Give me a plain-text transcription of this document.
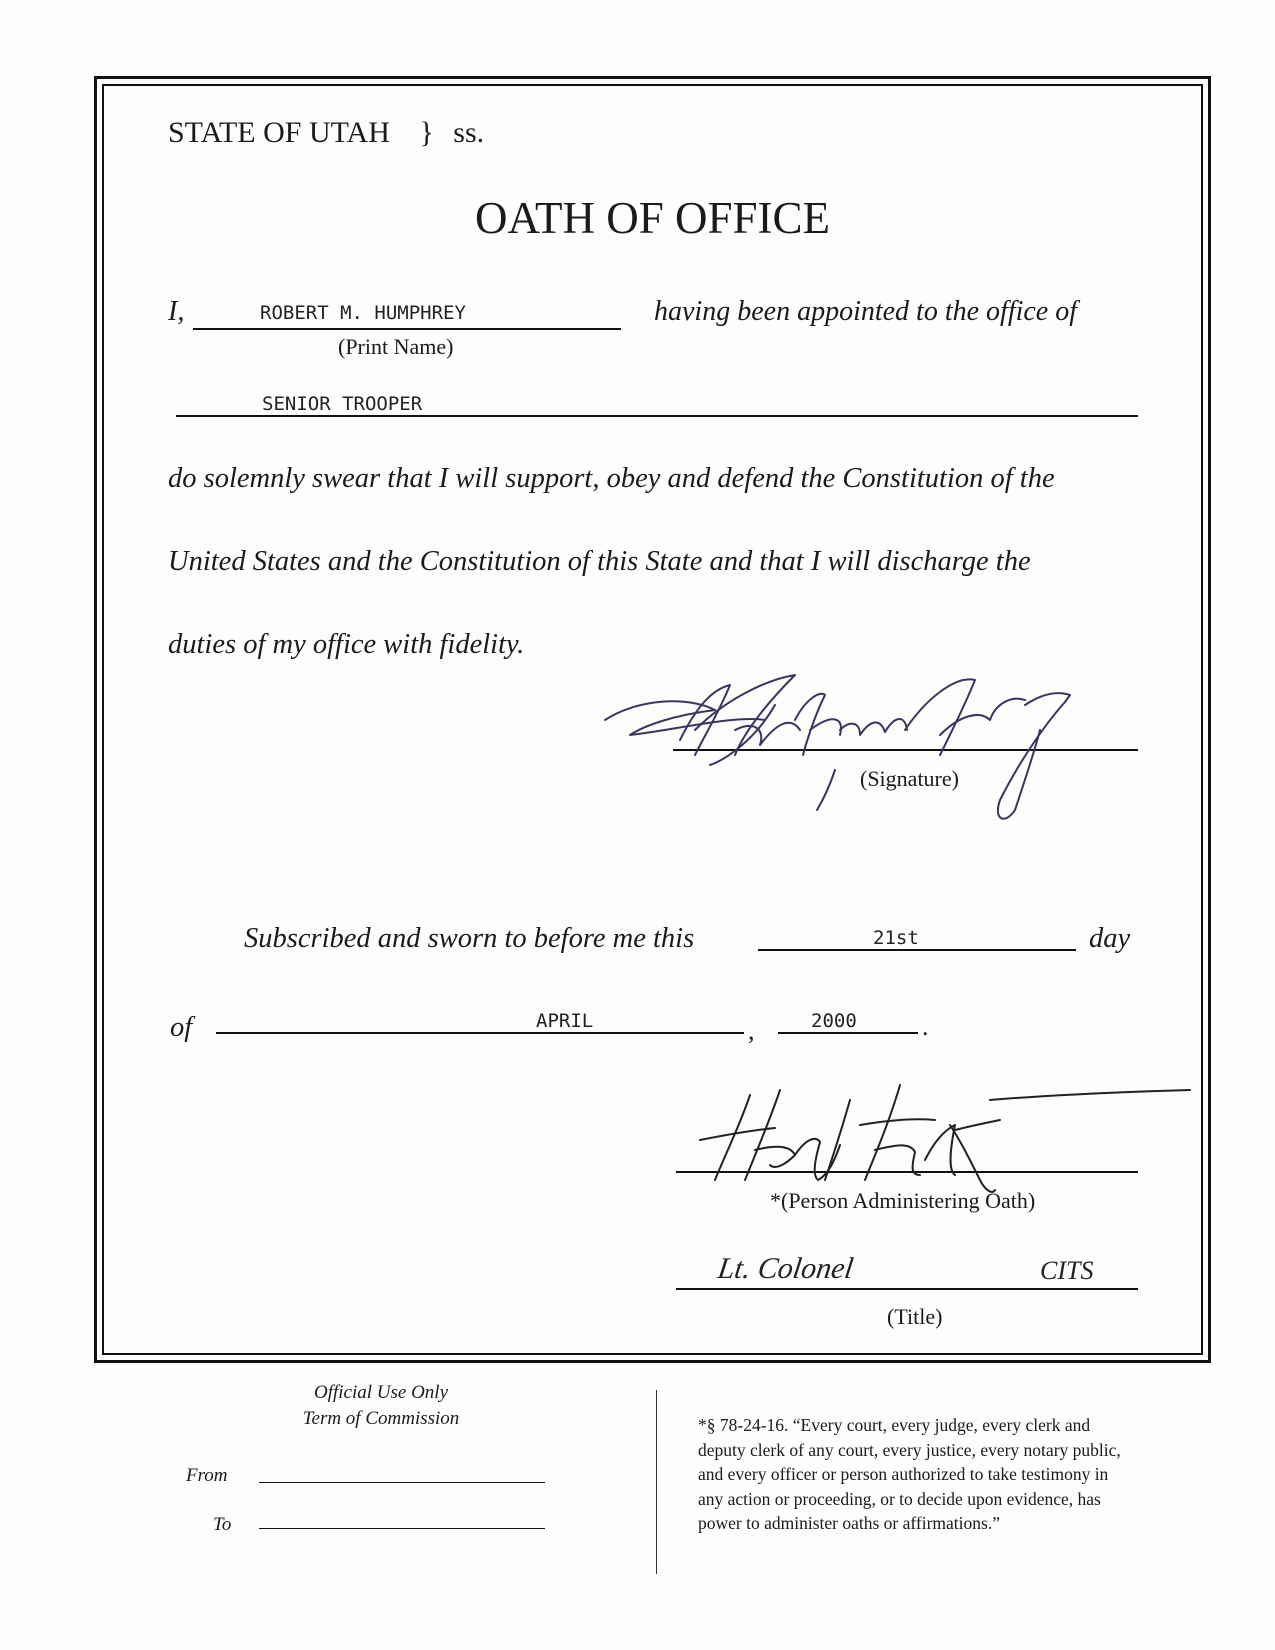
STATE OF UTAH } ss.
OATH OF OFFICE
I,	ROBERT M. HUMPHREY
(Print Name)
having been appointed to the office of
SENIOR TROOPER
do solemnly swear that I will support, obey and defend the Constitution of the
United States and the Constitution of this State and that I will discharge the
duties of my office with fidelity.
(Signature)
Subscribed and sworn to before me this	21st	day
of	APRIL	,	2000	.
*(Person Administering Oath)
Lt. Colonel	CITS
(Title)
Official Use Only
Term of Commission
From
To
*§ 78-24-16. “Every court, every judge, every clerk and
deputy clerk of any court, every justice, every notary public,
and every officer or person authorized to take testimony in
any action or proceeding, or to decide upon evidence, has
power to administer oaths or affirmations.”
